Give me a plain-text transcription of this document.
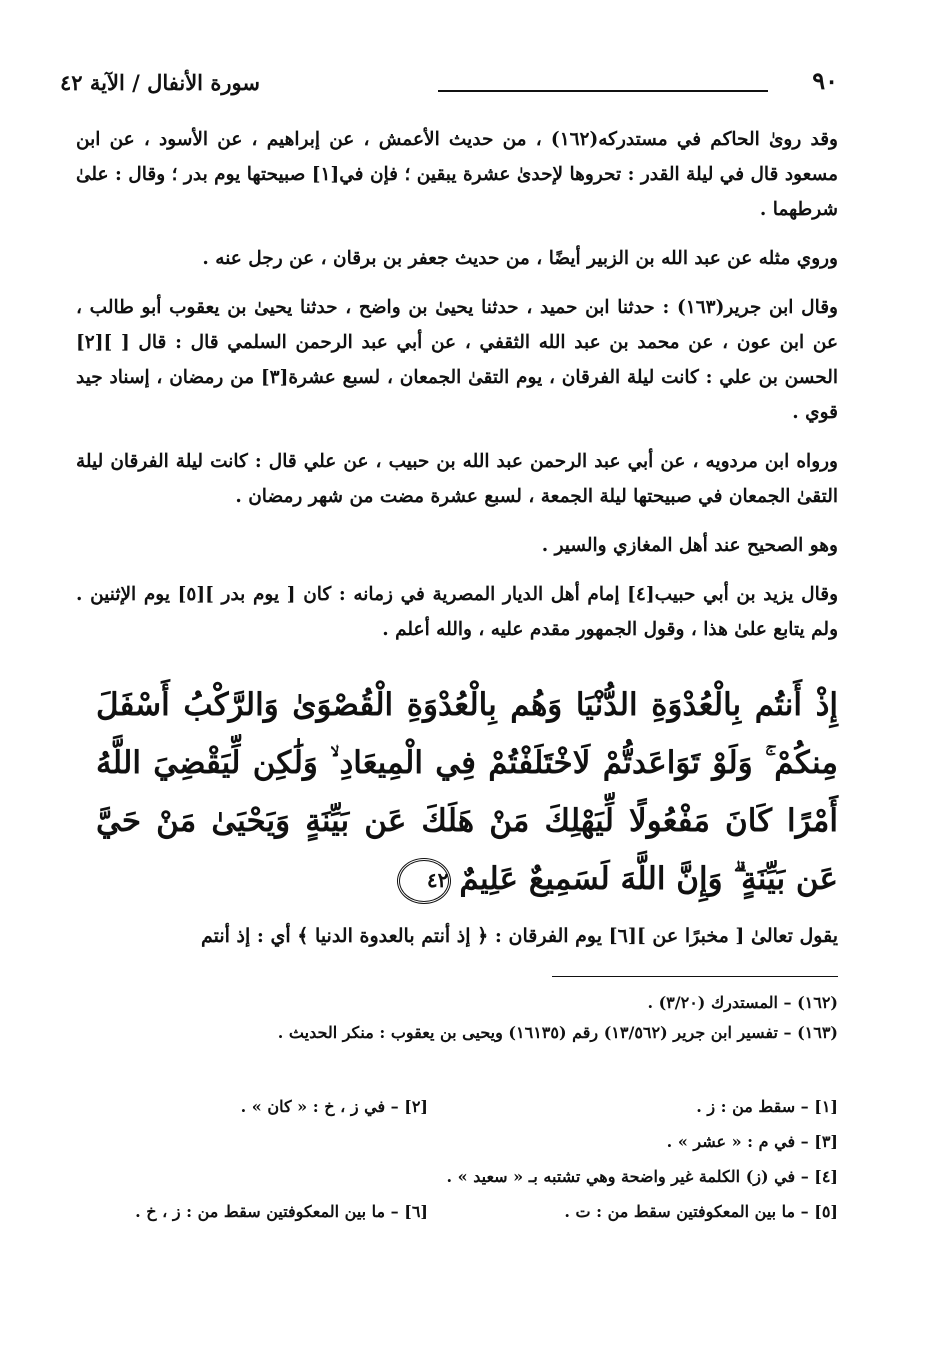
٩٠
سورة الأنفال / الآية ٤٢

وقد روىٰ الحاكم في مستدركه(١٦٢) ، من حديث الأعمش ، عن إبراهيم ، عن الأسود ، عن ابن مسعود قال في ليلة القدر : تحروها لإحدىٰ عشرة يبقين ؛ فإن في[١] صبيحتها يوم بدر ؛ وقال : علىٰ شرطهما .

وروي مثله عن عبد الله بن الزبير أيضًا ، من حديث جعفر بن برقان ، عن رجل عنه .

وقال ابن جرير(١٦٣) : حدثنا ابن حميد ، حدثنا يحيىٰ بن واضح ، حدثنا يحيىٰ بن يعقوب أبو طالب ، عن ابن عون ، عن محمد بن عبد الله الثقفي ، عن أبي عبد الرحمن السلمي قال : قال [ ][٢] الحسن بن علي : كانت ليلة الفرقان ، يوم التقىٰ الجمعان ، لسبع عشرة[٣] من رمضان ، إسناد جيد قوي .

ورواه ابن مردويه ، عن أبي عبد الرحمن عبد الله بن حبيب ، عن علي قال : كانت ليلة الفرقان ليلة التقىٰ الجمعان في صبيحتها ليلة الجمعة ، لسبع عشرة مضت من شهر رمضان .

وهو الصحيح عند أهل المغازي والسير .

وقال يزيد بن أبي حبيب[٤] إمام أهل الديار المصرية في زمانه : كان [ يوم بدر ][٥] يوم الإثنين . ولم يتابع علىٰ هذا ، وقول الجمهور مقدم عليه ، والله أعلم .

إِذْ أَنتُم بِالْعُدْوَةِ الدُّنْيَا وَهُم بِالْعُدْوَةِ الْقُصْوَىٰ وَالرَّكْبُ أَسْفَلَ مِنكُمْ ۚ وَلَوْ تَوَاعَدتُّمْ لَاخْتَلَفْتُمْ فِي الْمِيعَادِ ۙ وَلَٰكِن لِّيَقْضِيَ اللَّهُ أَمْرًا كَانَ مَفْعُولًا لِّيَهْلِكَ مَنْ هَلَكَ عَن بَيِّنَةٍ وَيَحْيَىٰ مَنْ حَيَّ عَن بَيِّنَةٍ ۗ وَإِنَّ اللَّهَ لَسَمِيعٌ عَلِيمٌ٤٢

يقول تعالىٰ [ مخبرًا عن ][٦] يوم الفرقان : ﴿ إذ أنتم بالعدوة الدنيا ﴾ أي : إذ أنتم

(١٦٢) – المستدرك (٣/٢٠) .

(١٦٣) – تفسير ابن جرير (١٣/٥٦٢) رقم (١٦١٣٥) ويحيى بن يعقوب : منكر الحديث .

[١] – سقط من : ز .
[٢] – في ز ، خ : « كان » .
[٣] – في م : « عشر » .
[٤] – في (ز) الكلمة غير واضحة وهي تشتبه بـ « سعيد » .
[٥] – ما بين المعكوفتين سقط من : ت .
[٦] – ما بين المعكوفتين سقط من : ز ، خ .
